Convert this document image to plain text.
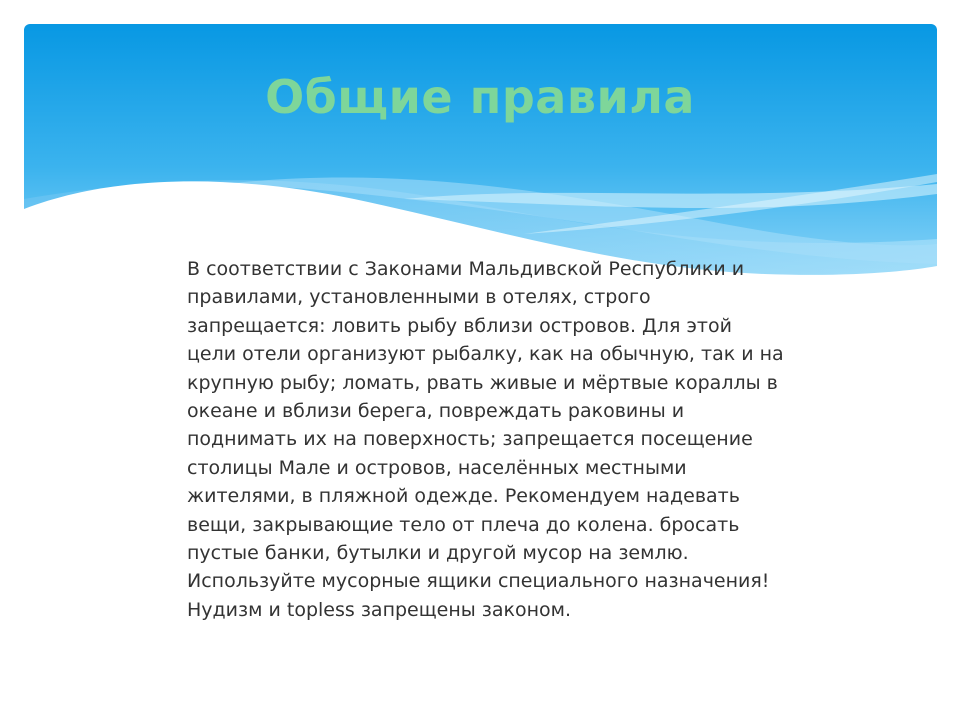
Общие правила

В соответствии с Законами Мальдивской Республики и
правилами, установленными в отелях, строго
запрещается: ловить рыбу вблизи островов. Для этой
цели отели организуют рыбалку, как на обычную, так и на
крупную рыбу; ломать, рвать живые и мёртвые кораллы в
океане и вблизи берега, повреждать раковины и
поднимать их на поверхность; запрещается посещение
столицы Мале и островов, населённых местными
жителями, в пляжной одежде. Рекомендуем надевать
вещи, закрывающие тело от плеча до колена. бросать
пустые банки, бутылки и другой мусор на землю.
Используйте мусорные ящики специального назначения!
Нудизм и topless запрещены законом.
